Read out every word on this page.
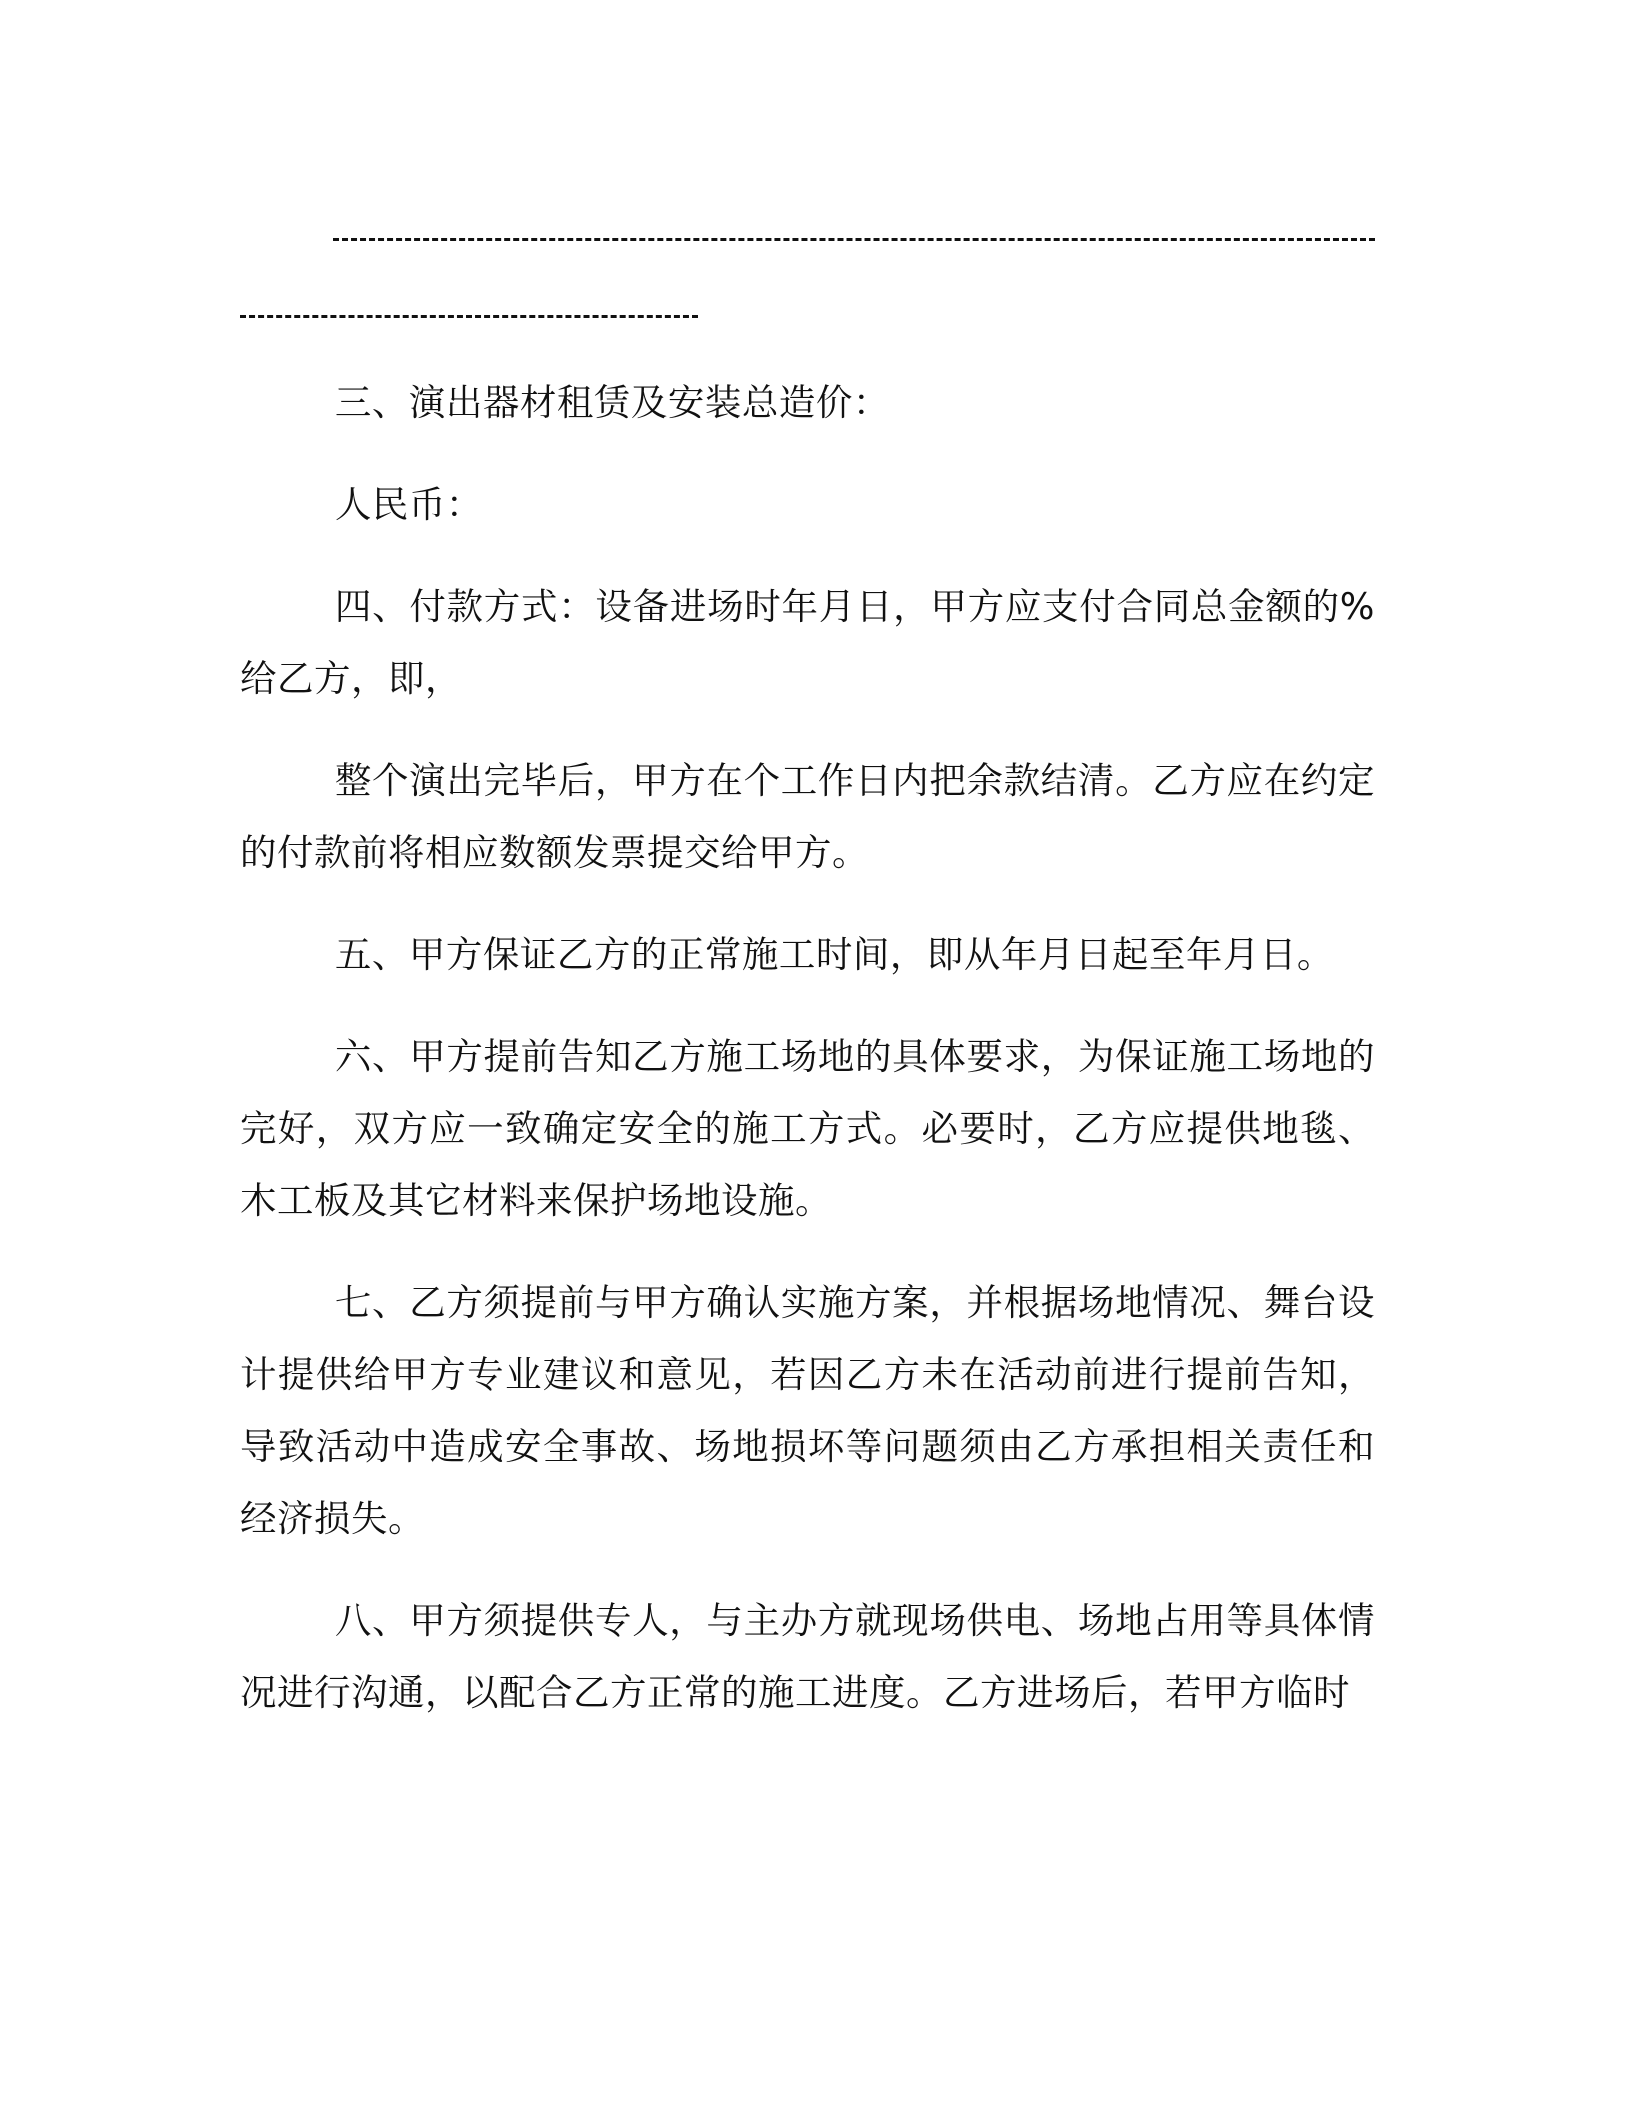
三、演出器材租赁及安装总造价：

人民币：

四、付款方式：设备进场时年月日，甲方应支付合同总金额的%给乙方，即，

整个演出完毕后，甲方在个工作日内把余款结清。乙方应在约定的付款前将相应数额发票提交给甲方。

五、甲方保证乙方的正常施工时间，即从年月日起至年月日。

六、甲方提前告知乙方施工场地的具体要求，为保证施工场地的完好，双方应一致确定安全的施工方式。必要时，乙方应提供地毯、木工板及其它材料来保护场地设施。

七、乙方须提前与甲方确认实施方案，并根据场地情况、舞台设计提供给甲方专业建议和意见，若因乙方未在活动前进行提前告知，导致活动中造成安全事故、场地损坏等问题须由乙方承担相关责任和经济损失。

八、甲方须提供专人，与主办方就现场供电、场地占用等具体情况进行沟通，以配合乙方正常的施工进度。乙方进场后，若甲方临时
